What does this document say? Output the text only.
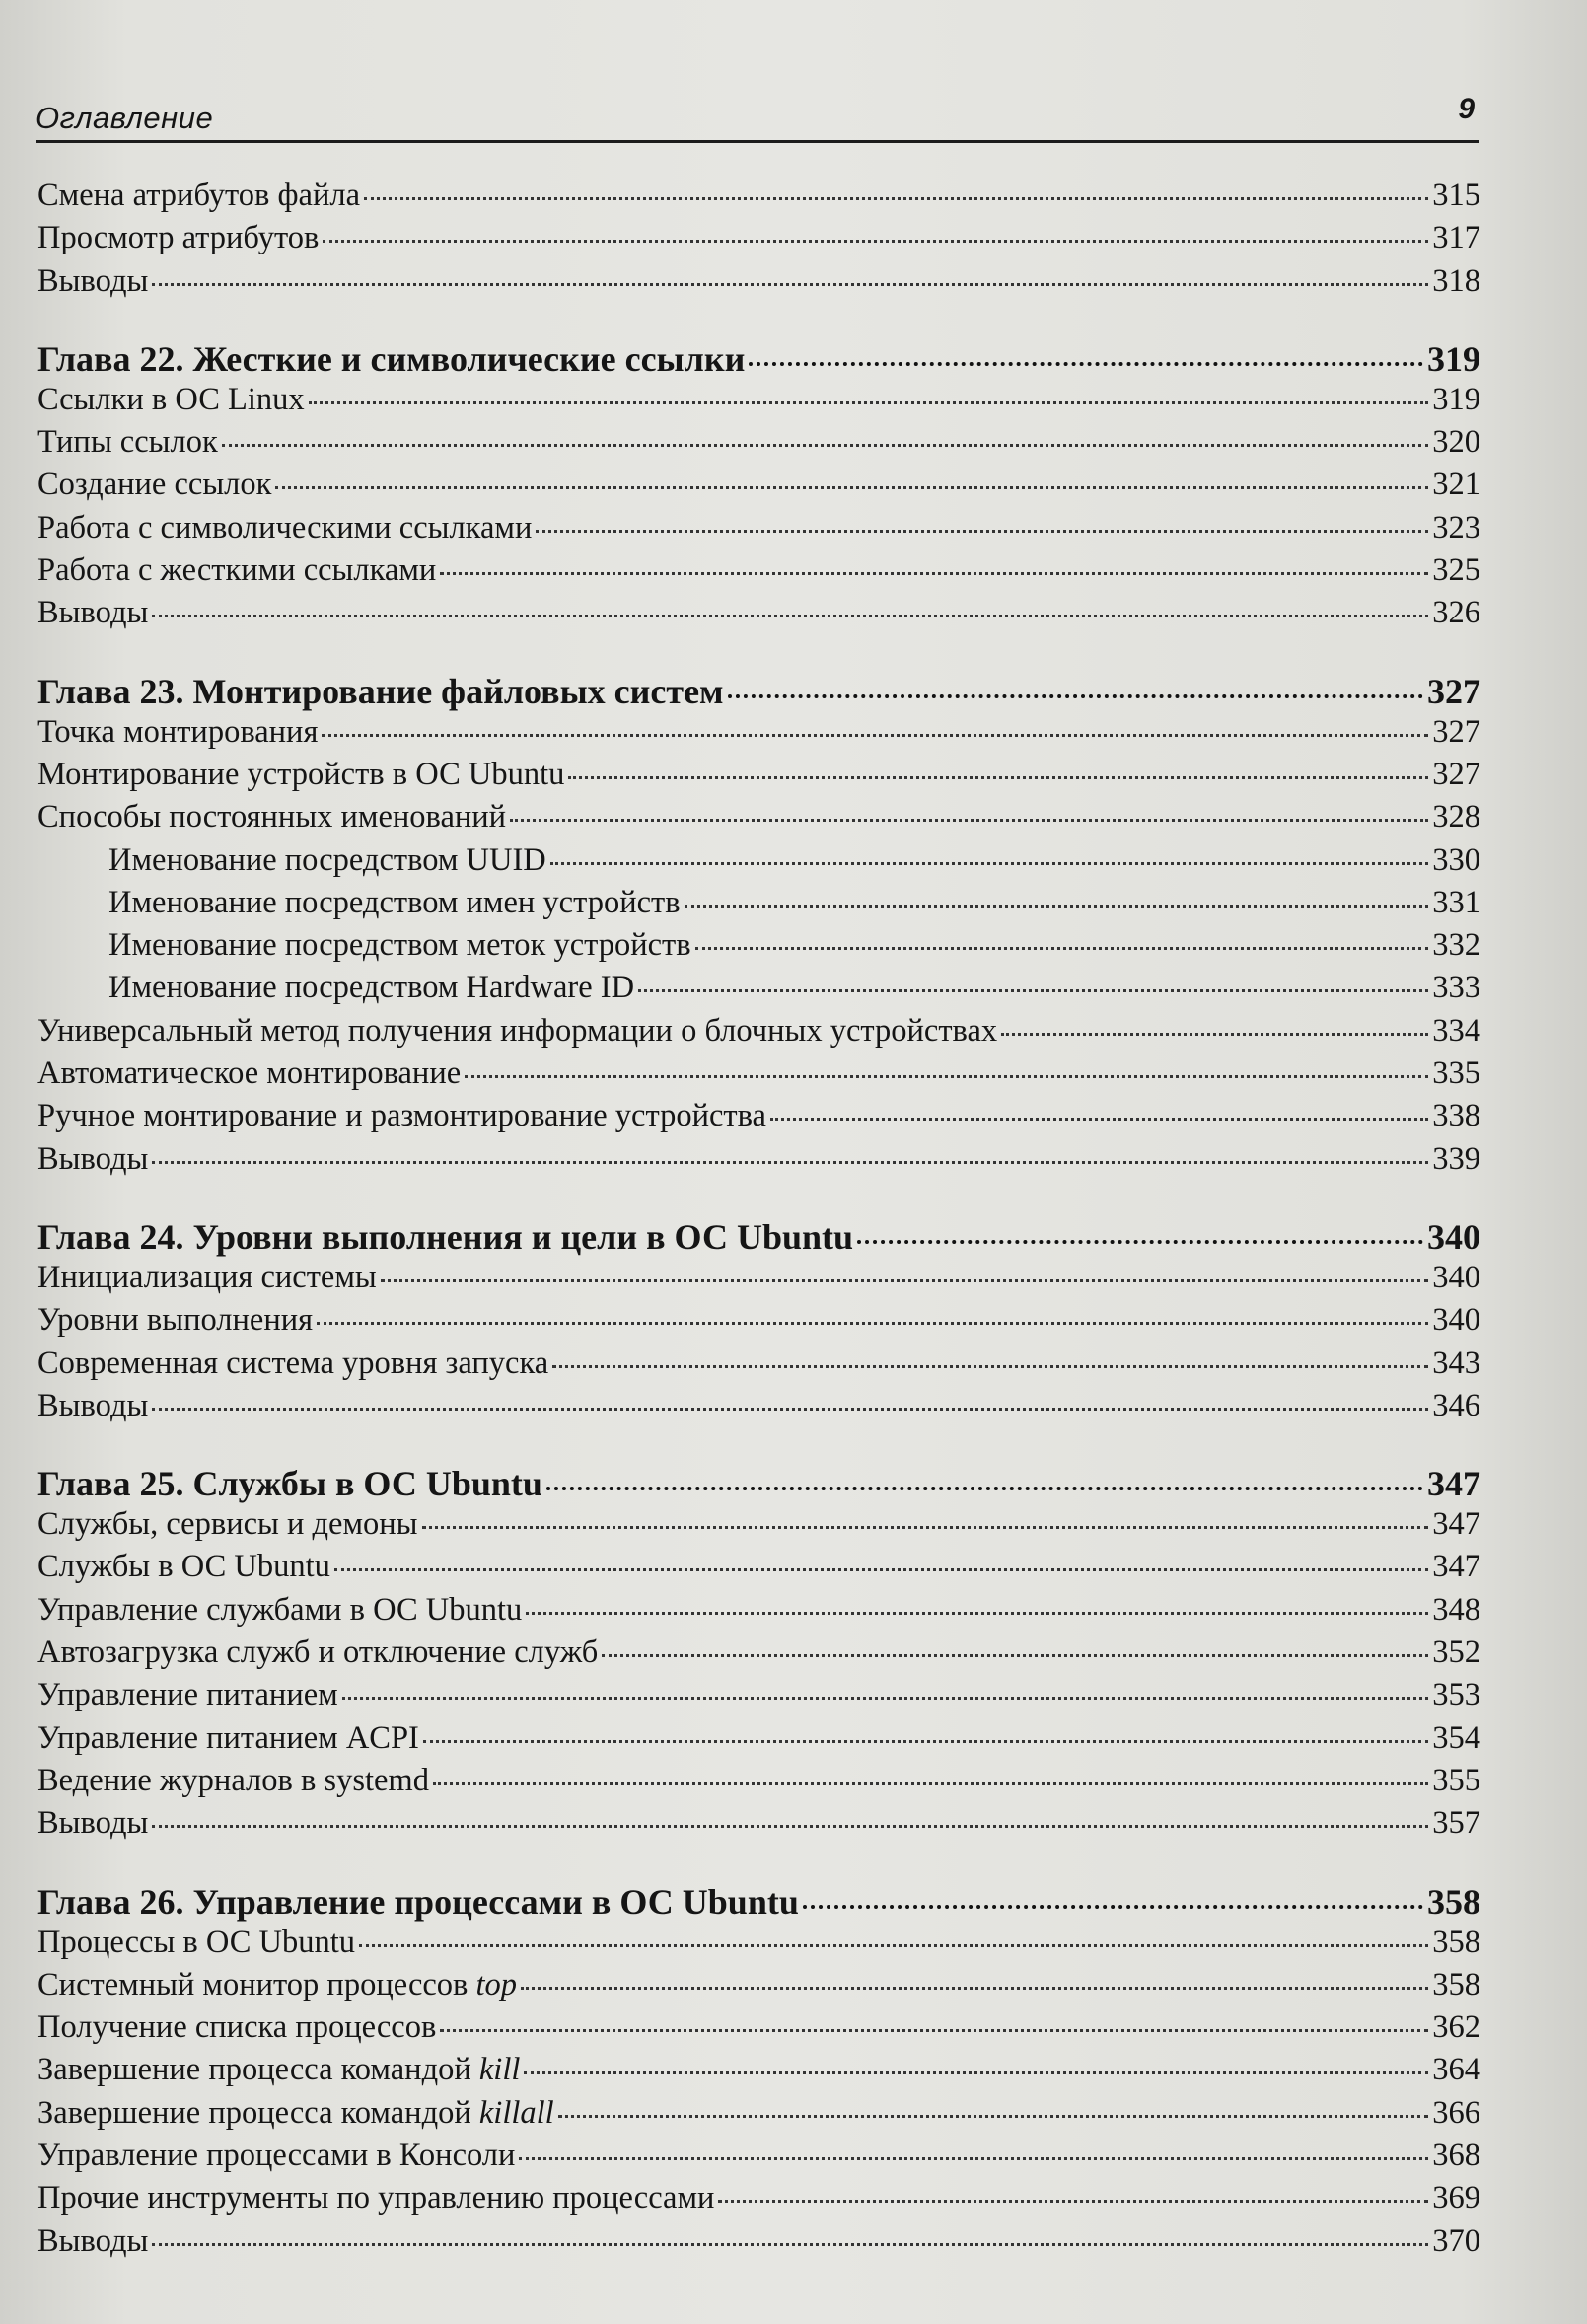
Оглавление	9
Смена атрибутов файла	315
Просмотр атрибутов	317
Выводы	318
Глава 22. Жесткие и символические ссылки	319
Ссылки в ОС Linux	319
Типы ссылок	320
Создание ссылок	321
Работа с символическими ссылками	323
Работа с жесткими ссылками	325
Выводы	326
Глава 23. Монтирование файловых систем	327
Точка монтирования	327
Монтирование устройств в ОС Ubuntu	327
Способы постоянных именований	328
Именование посредством UUID	330
Именование посредством имен устройств	331
Именование посредством меток устройств	332
Именование посредством Hardware ID	333
Универсальный метод получения информации о блочных устройствах	334
Автоматическое монтирование	335
Ручное монтирование и размонтирование устройства	338
Выводы	339
Глава 24. Уровни выполнения и цели в ОС Ubuntu	340
Инициализация системы	340
Уровни выполнения	340
Современная система уровня запуска	343
Выводы	346
Глава 25. Службы в ОС Ubuntu	347
Службы, сервисы и демоны	347
Службы в ОС Ubuntu	347
Управление службами в ОС Ubuntu	348
Автозагрузка служб и отключение служб	352
Управление питанием	353
Управление питанием ACPI	354
Ведение журналов в systemd	355
Выводы	357
Глава 26. Управление процессами в ОС Ubuntu	358
Процессы в ОС Ubuntu	358
Системный монитор процессов top	358
Получение списка процессов	362
Завершение процесса командой kill	364
Завершение процесса командой killall	366
Управление процессами в Консоли	368
Прочие инструменты по управлению процессами	369
Выводы	370
